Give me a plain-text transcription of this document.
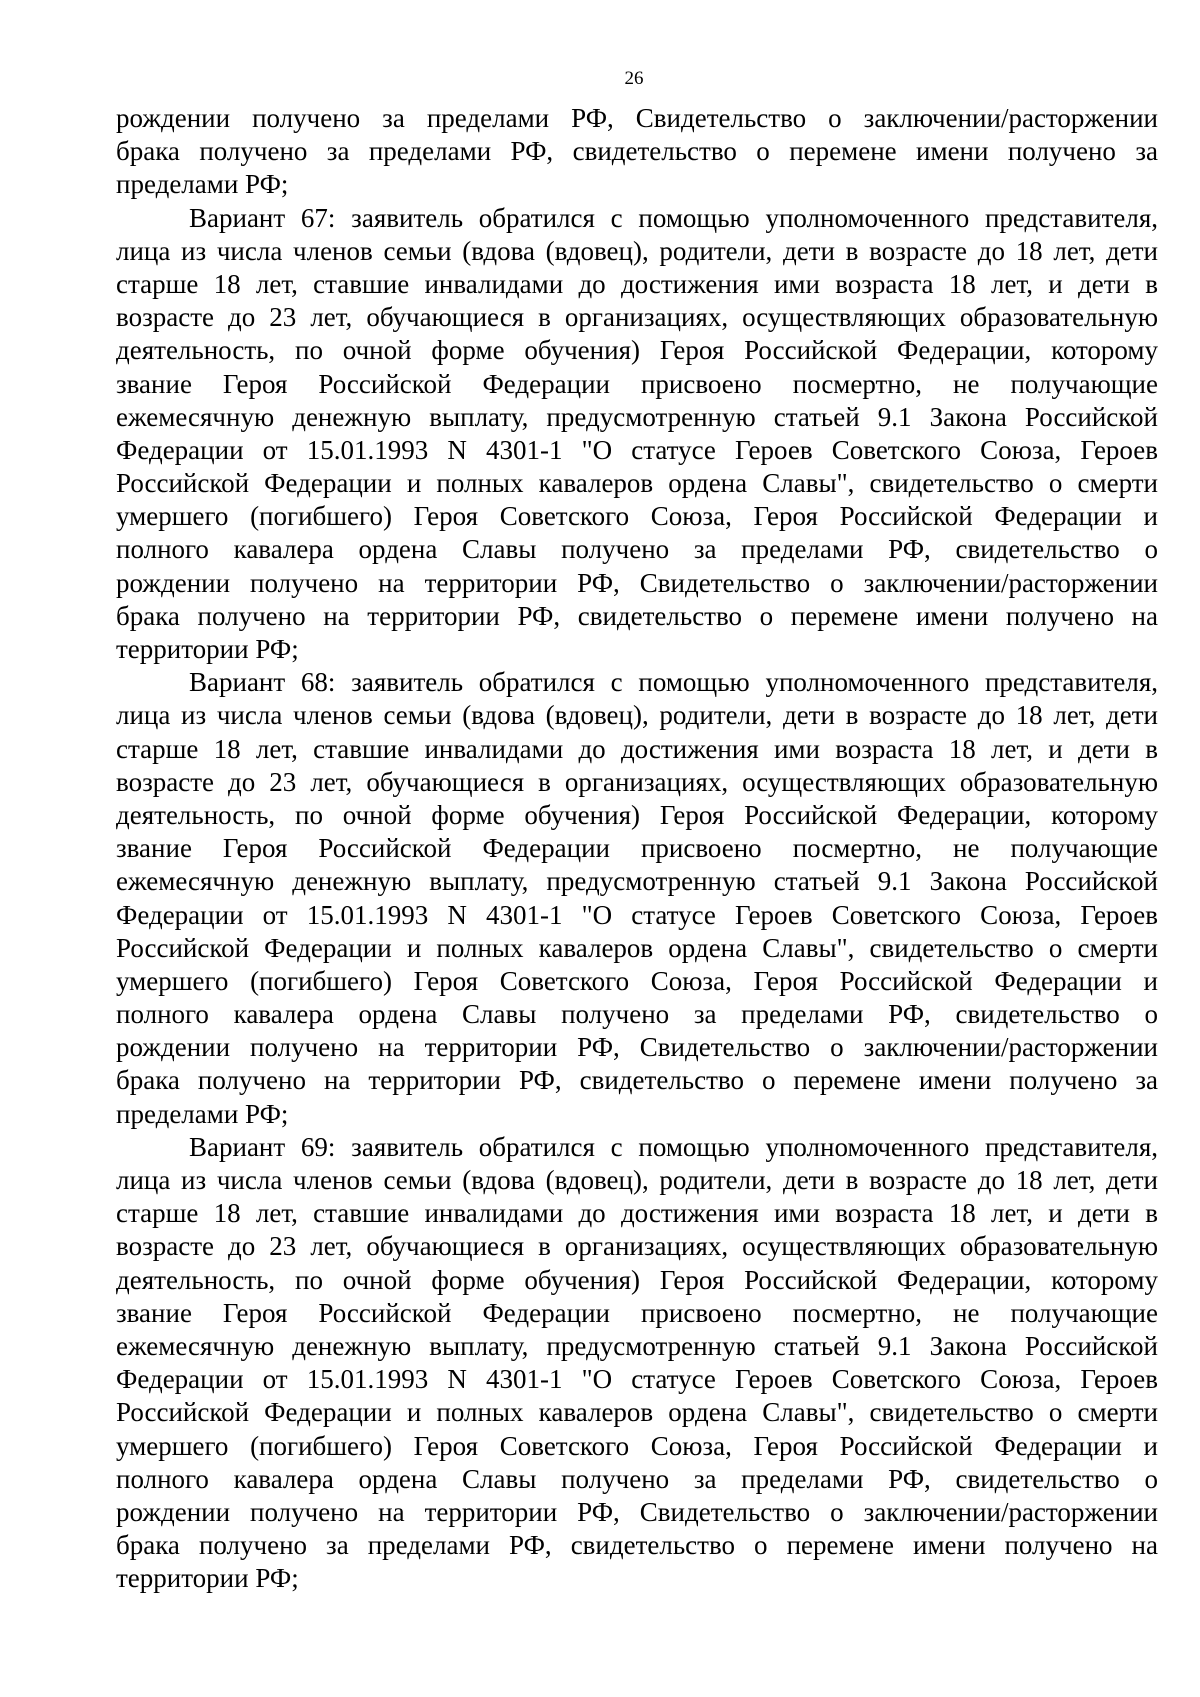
26
рождении получено за пределами РФ, Свидетельство о заключении/расторжении
брака получено за пределами РФ, свидетельство о перемене имени получено за
пределами РФ;
Вариант 67: заявитель обратился с помощью уполномоченного представителя,
лица из числа членов семьи (вдова (вдовец), родители, дети в возрасте до 18 лет, дети
старше 18 лет, ставшие инвалидами до достижения ими возраста 18 лет, и дети в
возрасте до 23 лет, обучающиеся в организациях, осуществляющих образовательную
деятельность, по очной форме обучения) Героя Российской Федерации, которому
звание Героя Российской Федерации присвоено посмертно, не получающие
ежемесячную денежную выплату, предусмотренную статьей 9.1 Закона Российской
Федерации от 15.01.1993 N 4301-1 "О статусе Героев Советского Союза, Героев
Российской Федерации и полных кавалеров ордена Славы", свидетельство о смерти
умершего (погибшего) Героя Советского Союза, Героя Российской Федерации и
полного кавалера ордена Славы получено за пределами РФ, свидетельство о
рождении получено на территории РФ, Свидетельство о заключении/расторжении
брака получено на территории РФ, свидетельство о перемене имени получено на
территории РФ;
Вариант 68: заявитель обратился с помощью уполномоченного представителя,
лица из числа членов семьи (вдова (вдовец), родители, дети в возрасте до 18 лет, дети
старше 18 лет, ставшие инвалидами до достижения ими возраста 18 лет, и дети в
возрасте до 23 лет, обучающиеся в организациях, осуществляющих образовательную
деятельность, по очной форме обучения) Героя Российской Федерации, которому
звание Героя Российской Федерации присвоено посмертно, не получающие
ежемесячную денежную выплату, предусмотренную статьей 9.1 Закона Российской
Федерации от 15.01.1993 N 4301-1 "О статусе Героев Советского Союза, Героев
Российской Федерации и полных кавалеров ордена Славы", свидетельство о смерти
умершего (погибшего) Героя Советского Союза, Героя Российской Федерации и
полного кавалера ордена Славы получено за пределами РФ, свидетельство о
рождении получено на территории РФ, Свидетельство о заключении/расторжении
брака получено на территории РФ, свидетельство о перемене имени получено за
пределами РФ;
Вариант 69: заявитель обратился с помощью уполномоченного представителя,
лица из числа членов семьи (вдова (вдовец), родители, дети в возрасте до 18 лет, дети
старше 18 лет, ставшие инвалидами до достижения ими возраста 18 лет, и дети в
возрасте до 23 лет, обучающиеся в организациях, осуществляющих образовательную
деятельность, по очной форме обучения) Героя Российской Федерации, которому
звание Героя Российской Федерации присвоено посмертно, не получающие
ежемесячную денежную выплату, предусмотренную статьей 9.1 Закона Российской
Федерации от 15.01.1993 N 4301-1 "О статусе Героев Советского Союза, Героев
Российской Федерации и полных кавалеров ордена Славы", свидетельство о смерти
умершего (погибшего) Героя Советского Союза, Героя Российской Федерации и
полного кавалера ордена Славы получено за пределами РФ, свидетельство о
рождении получено на территории РФ, Свидетельство о заключении/расторжении
брака получено за пределами РФ, свидетельство о перемене имени получено на
территории РФ;
